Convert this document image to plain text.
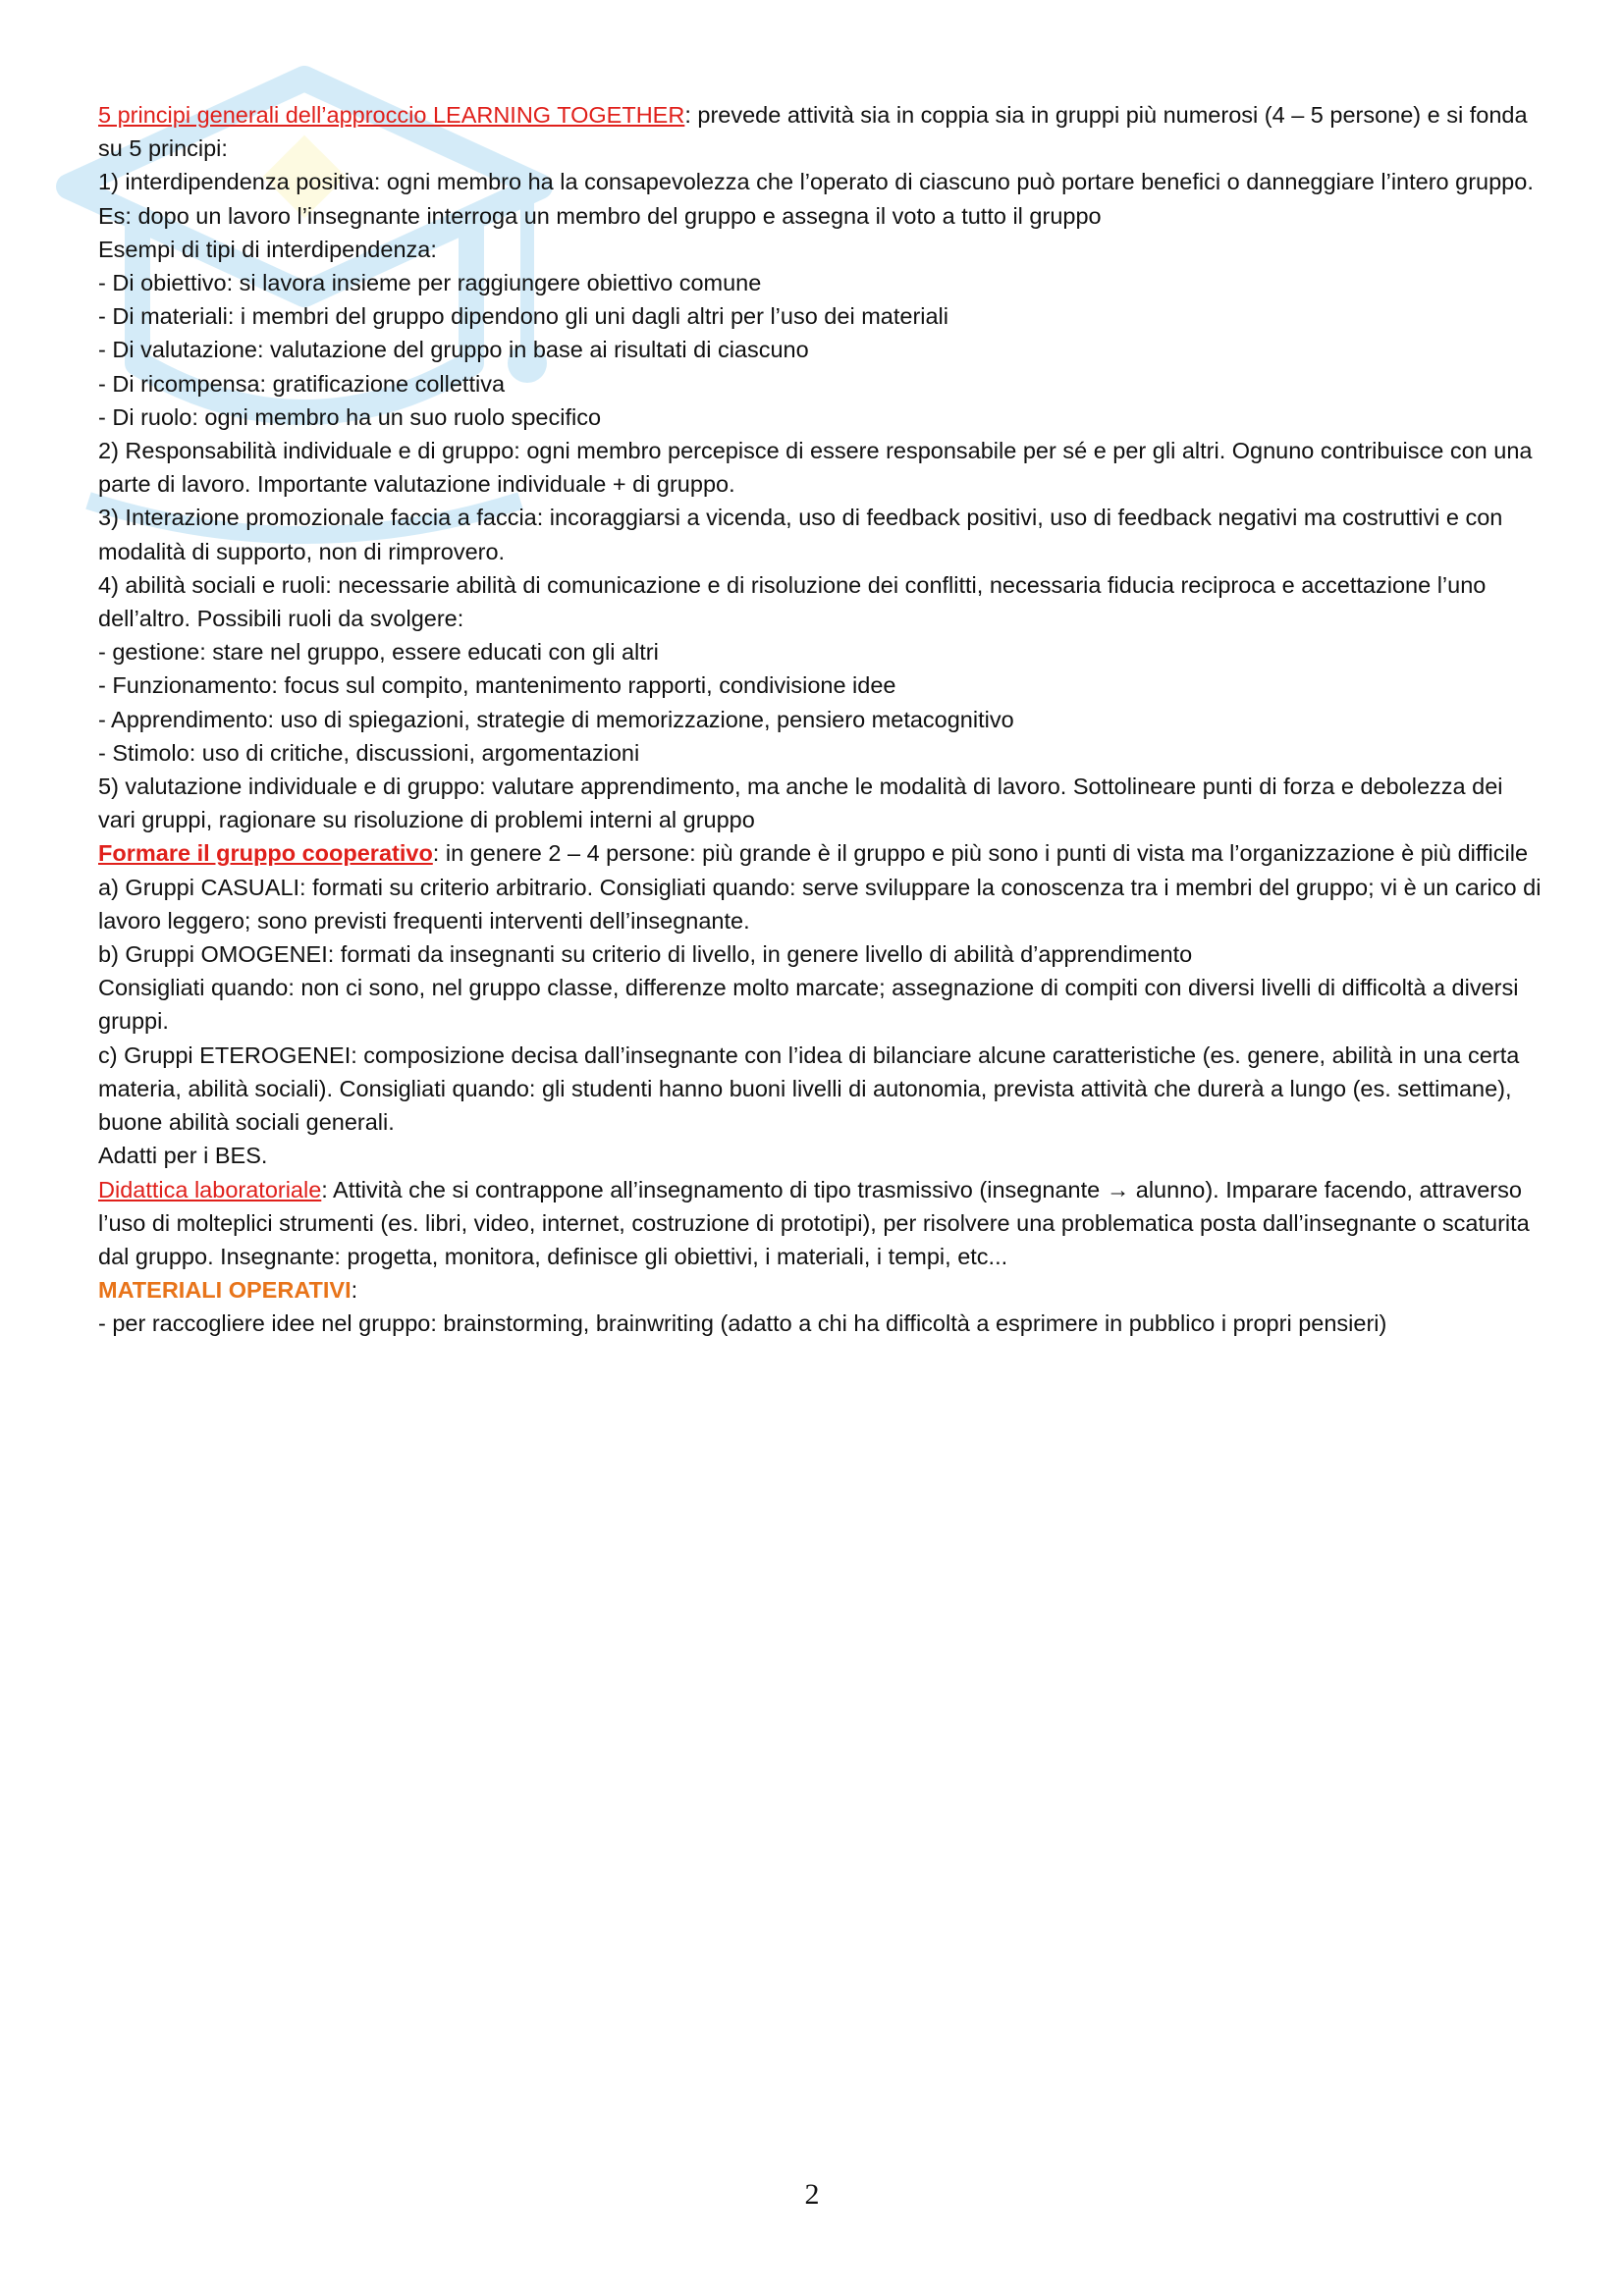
5 principi generali dell’approccio LEARNING TOGETHER: prevede attività sia in coppia sia in gruppi più numerosi (4 – 5 persone) e si fonda su 5 principi:

1) interdipendenza positiva: ogni membro ha la consapevolezza che l’operato di ciascuno può portare benefici o danneggiare l’intero gruppo. Es: dopo un lavoro l’insegnante interroga un membro del gruppo e assegna il voto a tutto il gruppo

Esempi di tipi di interdipendenza:

- Di obiettivo: si lavora insieme per raggiungere obiettivo comune

- Di materiali: i membri del gruppo dipendono gli uni dagli altri per l’uso dei materiali

- Di valutazione: valutazione del gruppo in base ai risultati di ciascuno

- Di ricompensa: gratificazione collettiva

- Di ruolo: ogni membro ha un suo ruolo specifico

2) Responsabilità individuale e di gruppo: ogni membro percepisce di essere responsabile per sé e per gli altri. Ognuno contribuisce con una parte di lavoro. Importante valutazione individuale + di gruppo.

3) Interazione promozionale faccia a faccia: incoraggiarsi a vicenda, uso di feedback positivi, uso di feedback negativi ma costruttivi e con modalità di supporto, non di rimprovero.

4) abilità sociali e ruoli: necessarie abilità di comunicazione e di risoluzione dei conflitti, necessaria fiducia reciproca e accettazione l’uno dell’altro. Possibili ruoli da svolgere:

- gestione: stare nel gruppo, essere educati con gli altri

- Funzionamento: focus sul compito, mantenimento rapporti, condivisione idee

- Apprendimento: uso di spiegazioni, strategie di memorizzazione, pensiero metacognitivo

- Stimolo: uso di critiche, discussioni, argomentazioni

5) valutazione individuale e di gruppo: valutare apprendimento, ma anche le modalità di lavoro. Sottolineare punti di forza e debolezza dei vari gruppi, ragionare su risoluzione di problemi interni al gruppo

Formare il gruppo cooperativo: in genere 2 – 4 persone: più grande è il gruppo e più sono i punti di vista ma l’organizzazione è più difficile

a) Gruppi CASUALI: formati su criterio arbitrario. Consigliati quando: serve sviluppare la conoscenza tra i membri del gruppo; vi è un carico di lavoro leggero; sono previsti frequenti interventi dell’insegnante.

b) Gruppi OMOGENEI: formati da insegnanti su criterio di livello, in genere livello di abilità d’apprendimento

Consigliati quando: non ci sono, nel gruppo classe, differenze molto marcate; assegnazione di compiti con diversi livelli di difficoltà a diversi gruppi.

c) Gruppi ETEROGENEI: composizione decisa dall’insegnante con l’idea di bilanciare alcune caratteristiche (es. genere, abilità in una certa materia, abilità sociali). Consigliati quando: gli studenti hanno buoni livelli di autonomia, prevista attività che durerà a lungo (es. settimane), buone abilità sociali generali.

Adatti per i BES.

Didattica laboratoriale: Attività che si contrappone all’insegnamento di tipo trasmissivo (insegnante → alunno). Imparare facendo, attraverso l’uso di molteplici strumenti (es. libri, video, internet, costruzione di prototipi), per risolvere una problematica posta dall’insegnante o scaturita dal gruppo. Insegnante: progetta, monitora, definisce gli obiettivi, i materiali, i tempi, etc...

MATERIALI OPERATIVI:

- per raccogliere idee nel gruppo: brainstorming, brainwriting (adatto a chi ha difficoltà a esprimere in pubblico i propri pensieri)

2
